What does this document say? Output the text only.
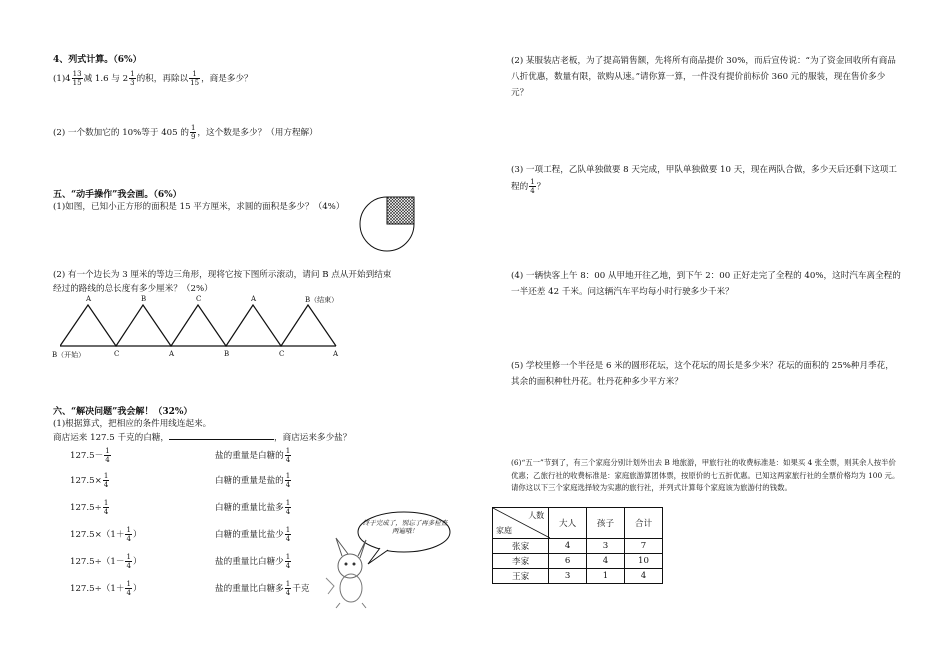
4、列式计算。（6%）
$(1)4 \frac{13}{15}$ 减 1.6 与 $2 \frac{1}{3}$ 的积，再除以 $\frac{1}{15}$ ，商是多少？
(2) 一个数加它的 10%等于 405 的 $\frac{1}{9}$ ，这个数是多少？（用方程解）
五、“动手操作”我会画。（6%）
(1)如图，已知小正方形的面积是 15 平方厘米，求圆的面积是多少？（4%）
(2) 有一个边长为 3 厘米的等边三角形，现将它按下图所示滚动，请问 B 点从开始到结束
经过的路线的总长度有多少厘米？（2%）
A	B	C	A	B（结束）
B（开始）	C	A	B	C	A
六、“解决问题”我会解！（32%）
(1)根据算式，把相应的条件用线连起来。
商店运来 127.5 千克的白糖，	，商店运来多少盐？
$127.5- \frac{1}{4}$
$127.5\times \frac{1}{4}$
$127.5\div \frac{1}{4}$
$127.5\times(1+ \frac{1}{4}$ ）
$127.5\div(1- \frac{1}{4}$ ）
$127.5\div(1+ \frac{1}{4}$ ）
盐的重量是白糖的 $\frac{1}{4}$
白糖的重量是盐的 $\frac{1}{4}$
白糖的重量比盐多 $\frac{1}{4}$
白糖的重量比盐少 $\frac{1}{4}$
盐的重量比白糖少 $\frac{1}{4}$
盐的重量比白糖多 $\frac{1}{4}$ 千克
终于完成了，别忘了再多检查两遍哦！
(2) 某服装店老板，为了提高销售额，先将所有商品提价 30%，而后宣传说：“为了资金回收所有商品八折优惠，数量有限，欲购从速。”请你算一算，一件没有提价前标价 360 元的服装，现在售价多少元？
(3) 一项工程，乙队单独做要 8 天完成，甲队单独做要 10 天，现在两队合做，多少天后还剩下这项工程的 $\frac{1}{4}$ ？
(4) 一辆快客上午 8：00 从甲地开往乙地，到下午 2：00 正好走完了全程的 40%，这时汽车离全程的一半还差 42 千米。问这辆汽车平均每小时行驶多少千米？
(5) 学校里修一个半径是 6 米的圆形花坛，这个花坛的周长是多少米？花坛的面积的 25%种月季花，其余的面积种牡丹花。牡丹花种多少平方米？
(6)“五一”节到了，有三个家庭分别计划外出去 B 地旅游，甲旅行社的收费标准是：如果买 4 张全票，则其余人按半价优惠；乙旅行社的收费标准是：家庭旅游算团体票，按原价的七五折优惠。已知这两家旅行社的全票价格均为 100 元。请你这以下三个家庭选择较为实惠的旅行社，并列式计算每个家庭该为旅游付的钱数。
人数
家庭	大人	孩子	合计
张家	4	3	7
李家	6	4	10
王家	3	1	4
